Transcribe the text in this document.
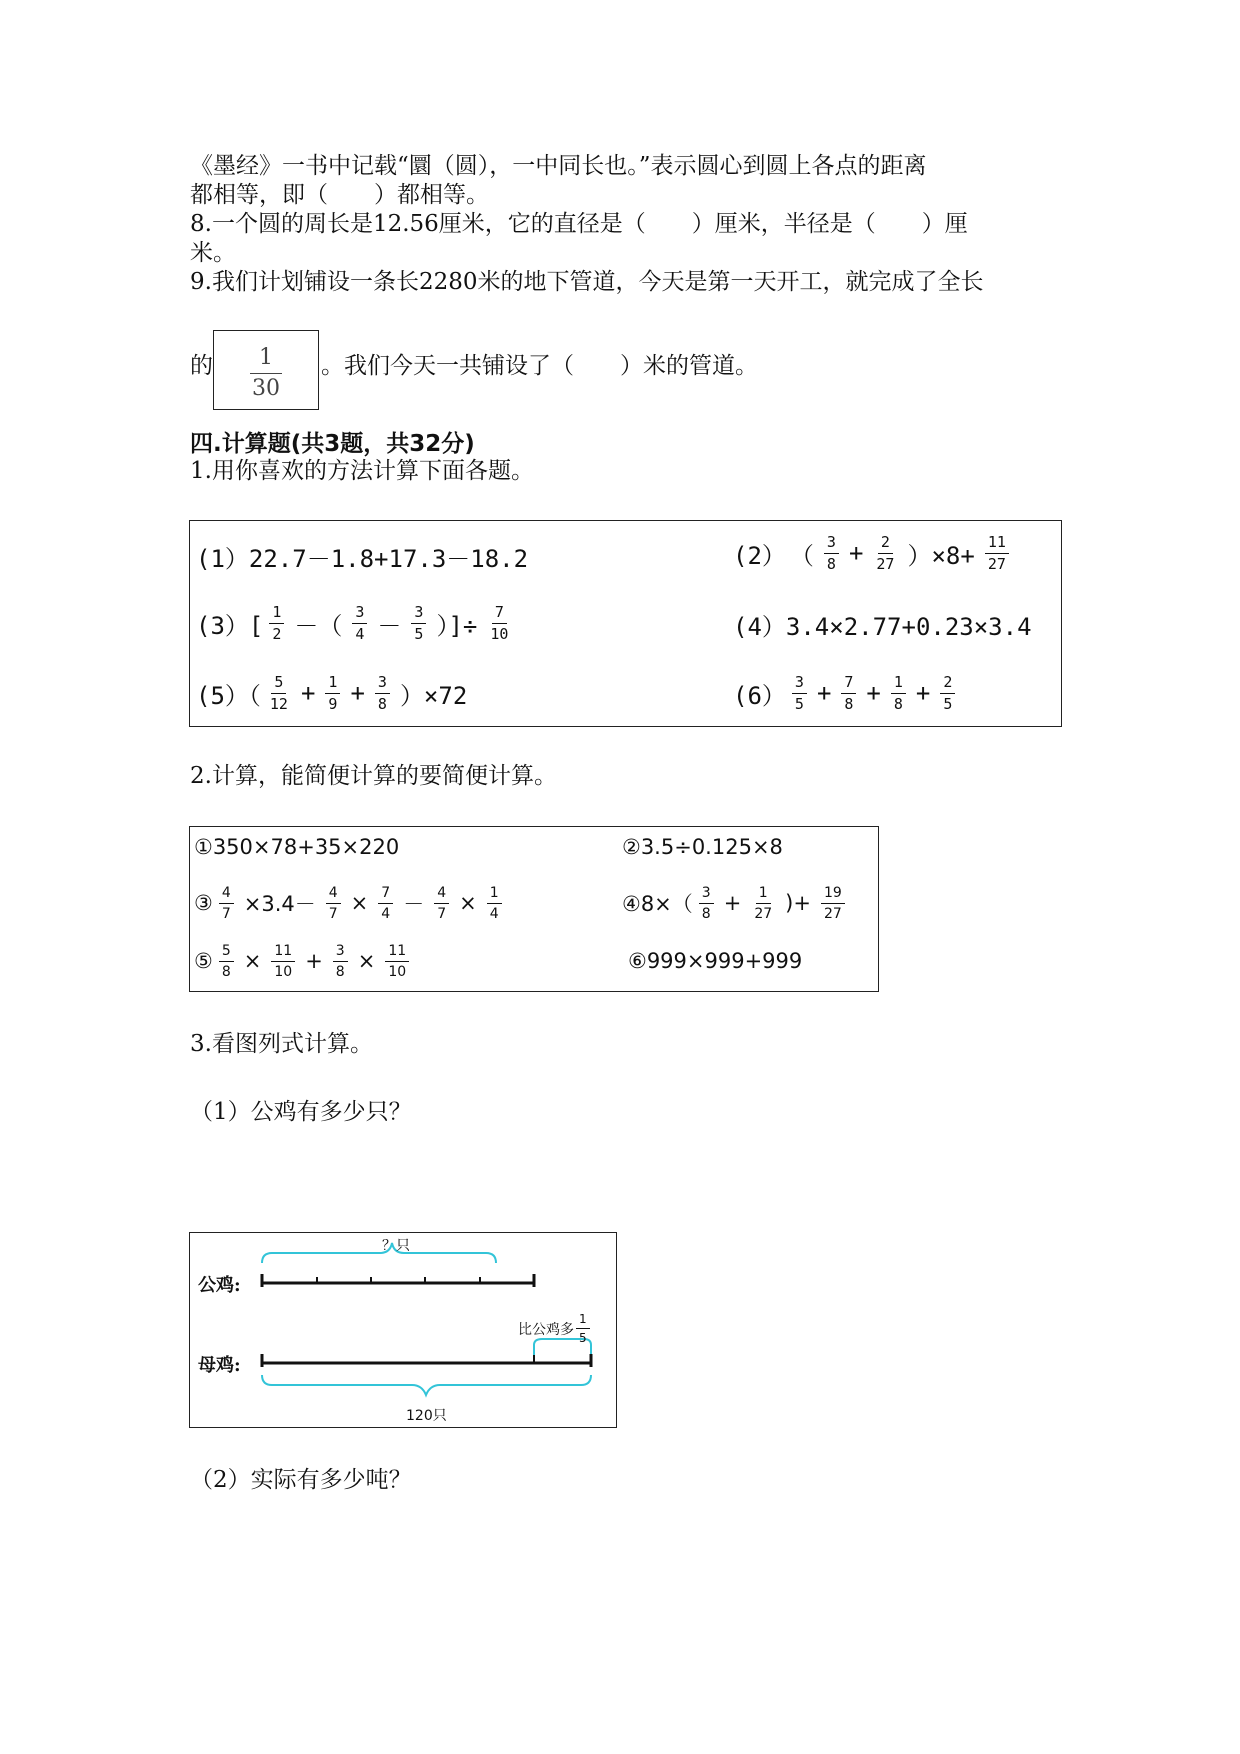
《墨经》一书中记载“圜（圆），一中同长也。”表示圆心到圆上各点的距离
都相等，即（　　）都相等。
8.一个圆的周长是12.56厘米，它的直径是（　　）厘米，半径是（　　）厘
米。
9.我们计划铺设一条长2280米的地下管道，今天是第一天开工，就完成了全长
的	1
30
。我们今天一共铺设了（　　）米的管道。
四.计算题(共3题，共32分)
1.用你喜欢的方法计算下面各题。
(1）22.7－1.8+17.3－18.2	(2） （ $\frac{3}{8} + \frac{2}{27} )\times 8+ \frac{11}{27}$
$(3)[ \frac{1}{2}$ －（ $\frac{3}{4} - \frac{3}{5}$ ）]÷ $\frac{7}{10}$	(4）3.4×2.77+0.23×3.4
$(5)( \frac{5}{12} + \frac{1}{9} + \frac{3}{8} )\times 72$	$(6) \frac{3}{5} + \frac{7}{8} + \frac{1}{8} + \frac{2}{5}$
2.计算，能简便计算的要简便计算。
①350×78+35×220	②3.5÷0.125×8
③ $\frac{4}{7} \times 3.4- \frac{4}{7} \times \frac{7}{4} - \frac{4}{7} \times \frac{1}{4}$	④8×（ $\frac{3}{8} + \frac{1}{27}$ )+ $\frac{19}{27}$
⑤ $\frac{5}{8} \times \frac{11}{10} + \frac{3}{8} \times \frac{11}{10}$	⑥999×999+999
3.看图列式计算。
（1）公鸡有多少只？
？只
公鸡:
母鸡:
比公鸡多 $\frac{1}{5}$
120只
（2）实际有多少吨？
